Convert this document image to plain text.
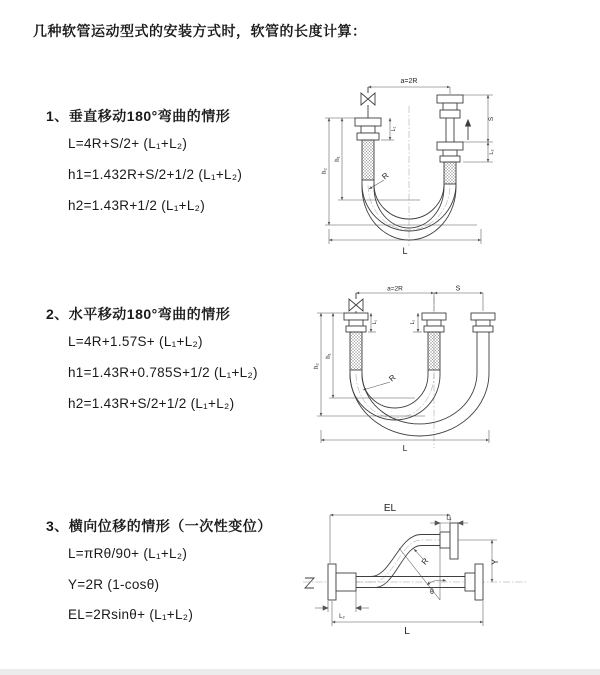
几种软管运动型式的安装方式时，软管的长度计算：
1、垂直移动180°弯曲的情形
L=4R+S/2+ (L₁+L₂)
h1=1.432R+S/2+1/2 (L₁+L₂)
h2=1.43R+1/2 (L₁+L₂)
2、水平移动180°弯曲的情形
L=4R+1.57S+ (L₁+L₂)
h1=1.43R+0.785S+1/2 (L₁+L₂)
h2=1.43R+S/2+1/2 (L₁+L₂)
3、横向位移的情形（一次性变位）
L=πRθ/90+ (L₁+L₂)
Y=2R (1-cosθ)
EL=2Rsinθ+ (L₁+L₂)
a=2R
h₁
h₂
S
L₂
L₁
R
L
a=2R	S
h₁
h₂
L₁	L₂
R
L
EL
L₁
Y
R
θ
L
L₂
